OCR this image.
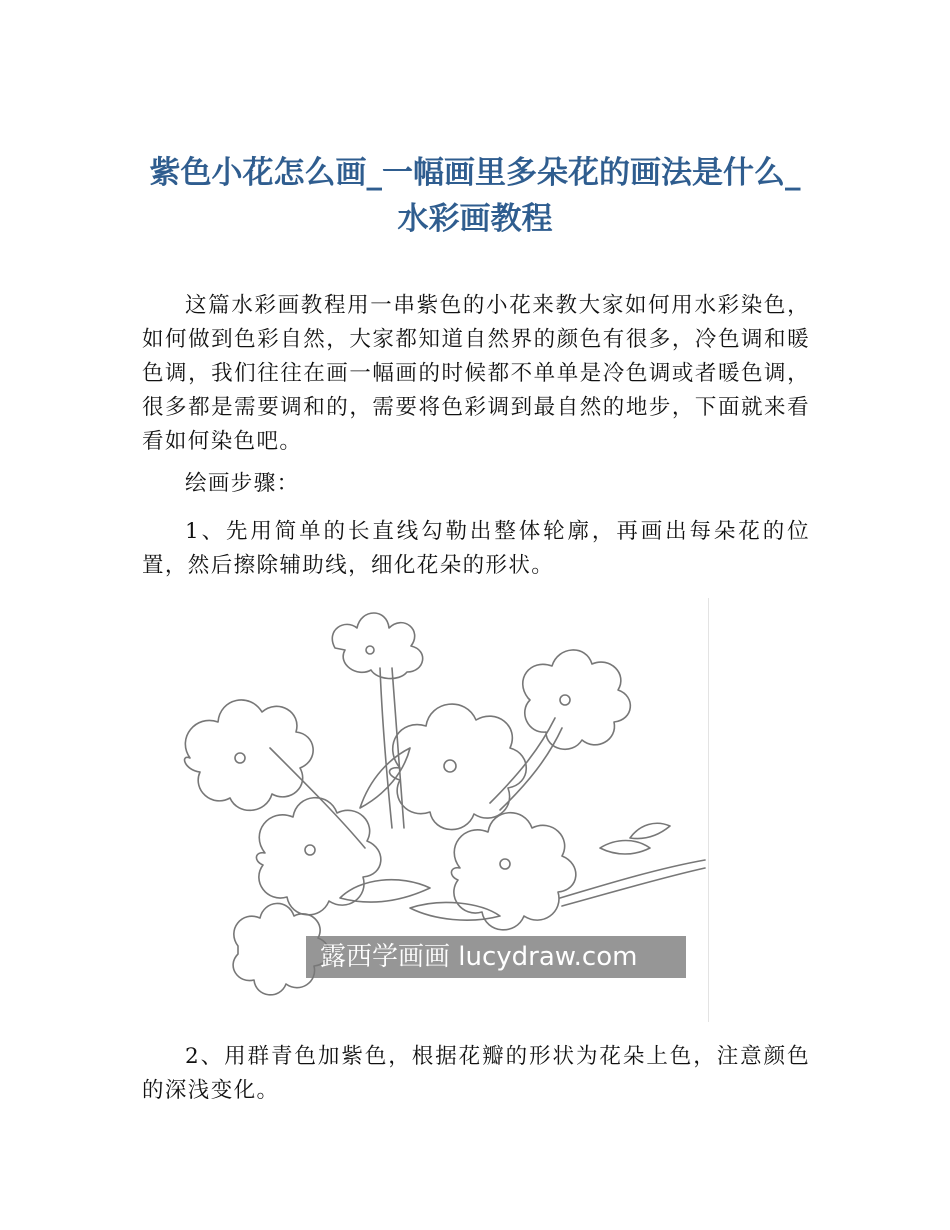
紫色小花怎么画_一幅画里多朵花的画法是什么_水彩画教程

这篇水彩画教程用一串紫色的小花来教大家如何用水彩染色，如何做到色彩自然，大家都知道自然界的颜色有很多，冷色调和暖色调，我们往往在画一幅画的时候都不单单是冷色调或者暖色调，很多都是需要调和的，需要将色彩调到最自然的地步，下面就来看看如何染色吧。

绘画步骤：

1、先用简单的长直线勾勒出整体轮廓，再画出每朵花的位置，然后擦除辅助线，细化花朵的形状。

露西学画画 lucydraw.com

2、用群青色加紫色，根据花瓣的形状为花朵上色，注意颜色的深浅变化。
